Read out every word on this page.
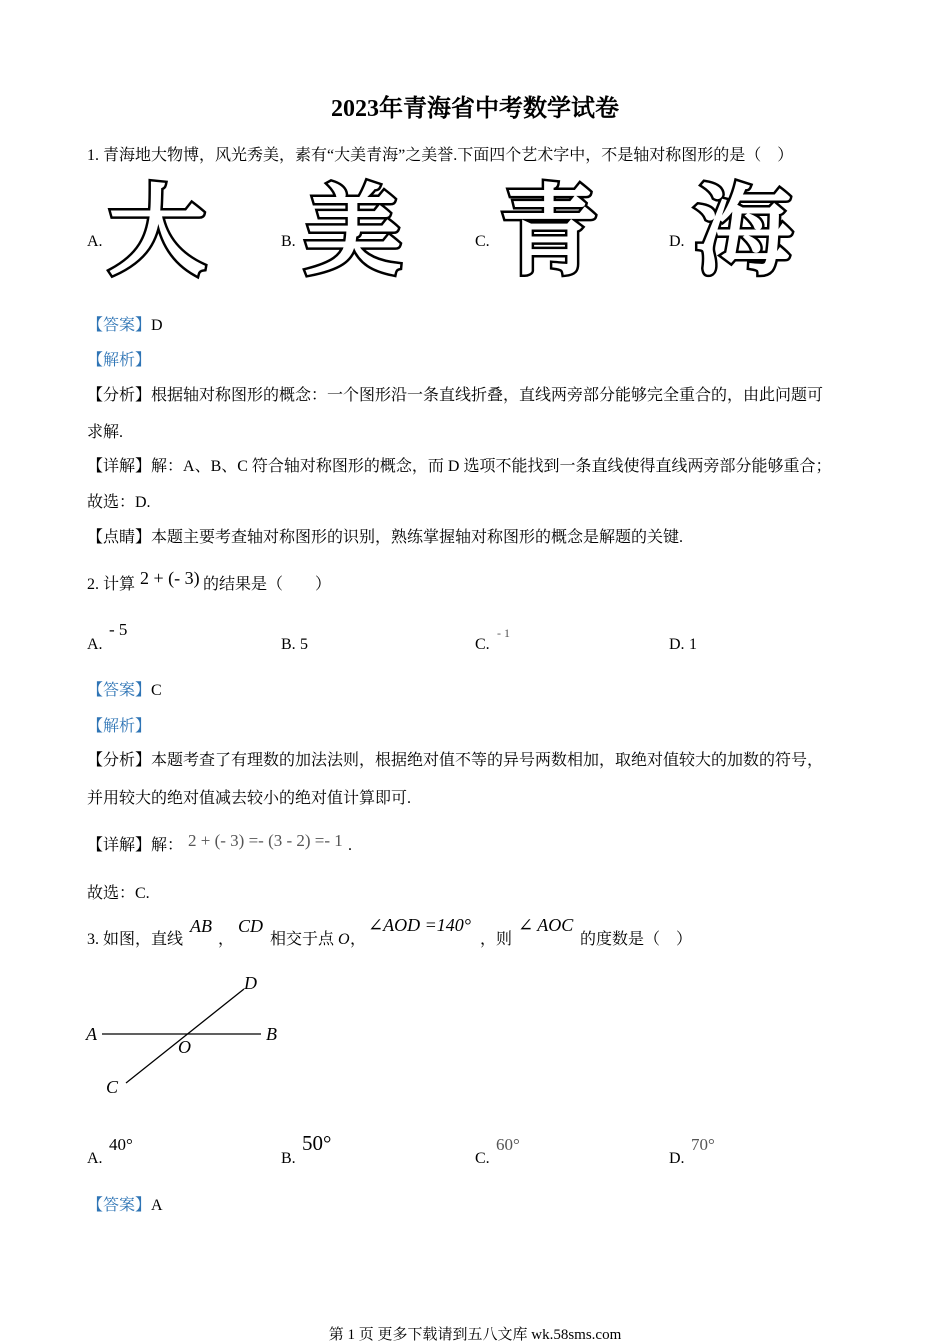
2023年青海省中考数学试卷
1. 青海地大物博，风光秀美，素有“大美青海”之美誉.下面四个艺术字中，不是轴对称图形的是（　）
A. 大	B. 美	C. 青	D. 海
【答案】D
【解析】
【分析】根据轴对称图形的概念：一个图形沿一条直线折叠，直线两旁部分能够完全重合的，由此问题可
求解.
【详解】解：A、B、C 符合轴对称图形的概念，而 D 选项不能找到一条直线使得直线两旁部分能够重合；
故选：D.
【点睛】本题主要考查轴对称图形的识别，熟练掌握轴对称图形的概念是解题的关键.
2. 计算 2 + (- 3) 的结果是（　　）
A.
- 5
B. 5	C.
- 1
D. 1
【答案】C
【解析】
【分析】本题考查了有理数的加法法则，根据绝对值不等的异号两数相加，取绝对值较大的加数的符号，
并用较大的绝对值减去较小的绝对值计算即可.
【详解】解： 2 + (- 3) =- (3 - 2) =- 1 .
故选：C.
3. 如图，直线
AB
，
CD
相交于点 O ，
∠AOD =140°
，则
∠ AOC
的度数是（　）
A	B
C
D
O
A.
40°
B.
50°
C.
60°
D.
70°
【答案】A
第 1 页 更多下载请到五八文库 wk.58sms.com
